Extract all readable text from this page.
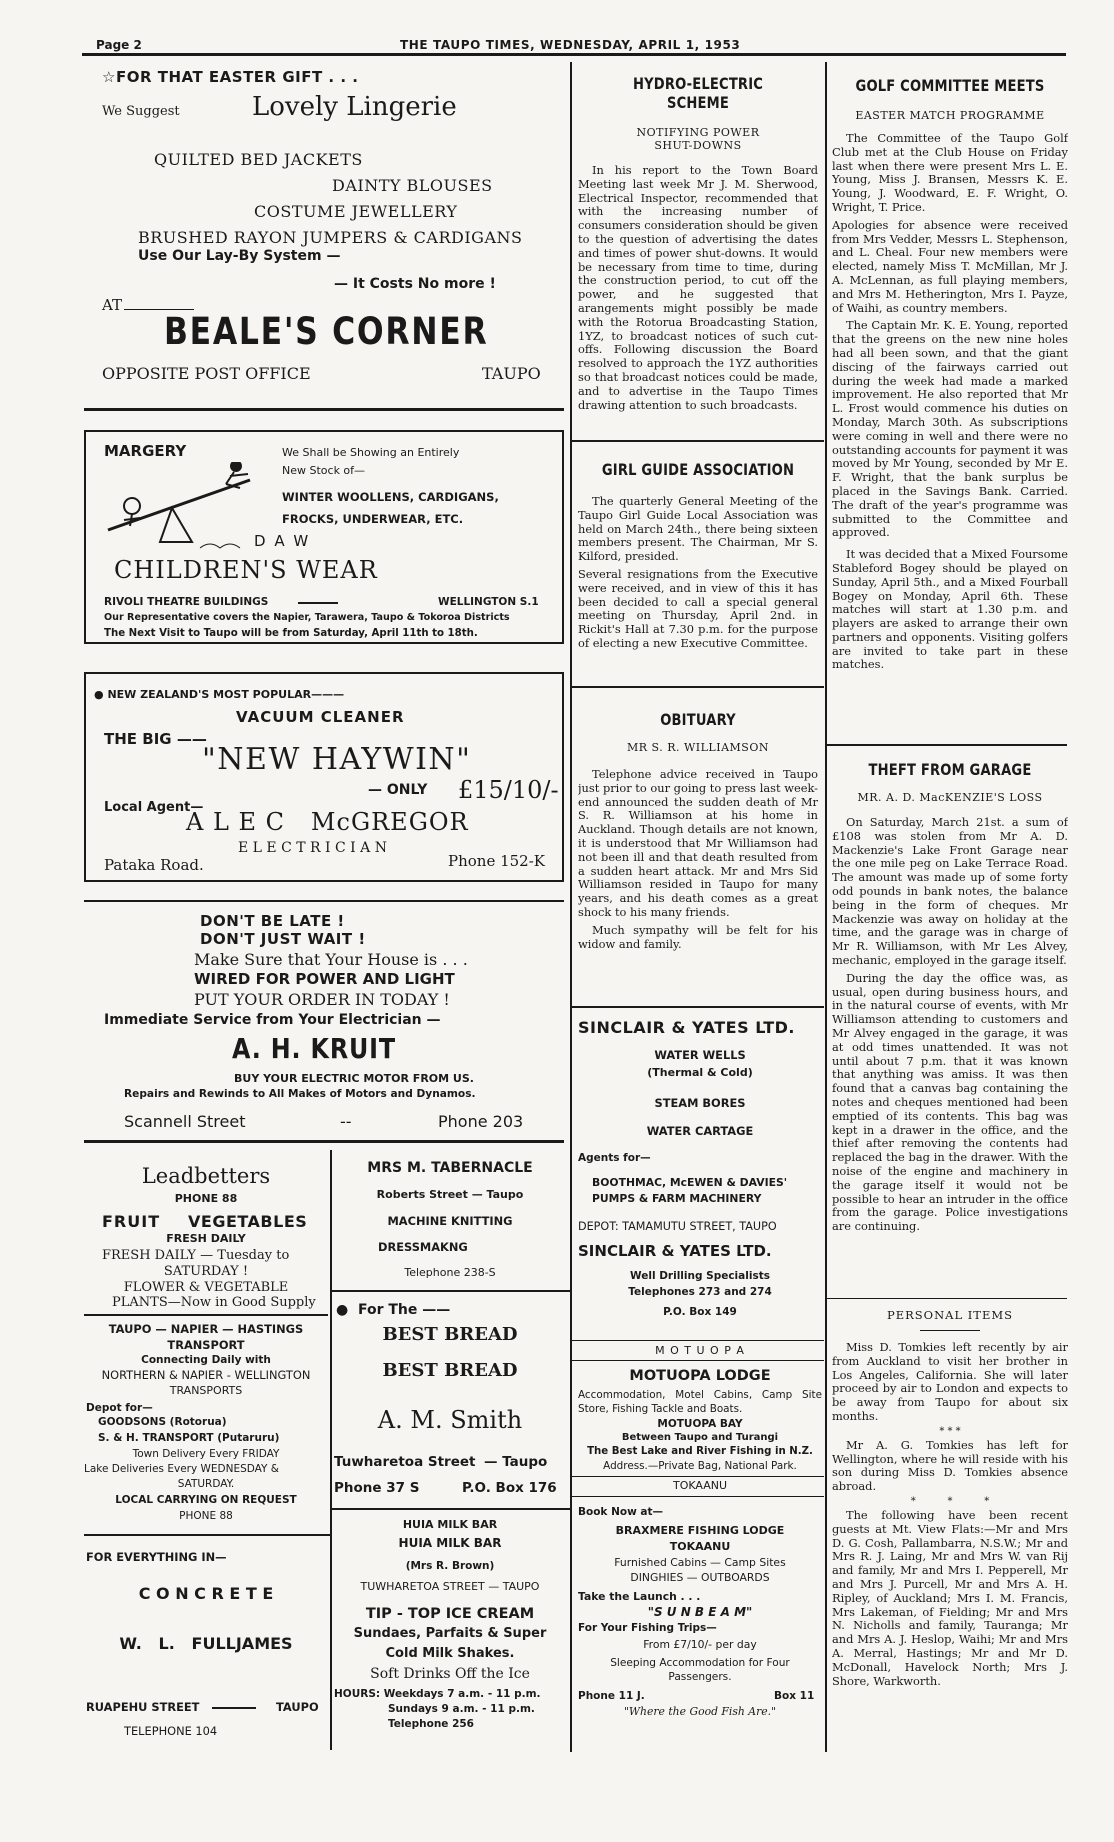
Page 2	THE TAUPO TIMES, WEDNESDAY, APRIL 1, 1953
☆FOR THAT EASTER GIFT . . .
We Suggest	Lovely Lingerie
QUILTED BED JACKETS
DAINTY BLOUSES
COSTUME JEWELLERY
BRUSHED RAYON JUMPERS & CARDIGANS
Use Our Lay-By System —
— It Costs No more !
AT
BEALE'S CORNER
OPPOSITE POST OFFICE	TAUPO
MARGERY	We Shall be Showing an Entirely
New Stock of—
WINTER WOOLLENS, CARDIGANS,
FROCKS, UNDERWEAR, ETC.
D A W
CHILDREN'S WEAR
RIVOLI THEATRE BUILDINGS	WELLINGTON S.1
Our Representative covers the Napier, Tarawera, Taupo & Tokoroa Districts
The Next Visit to Taupo will be from Saturday, April 11th to 18th.
● NEW ZEALAND'S MOST POPULAR———
VACUUM CLEANER
THE BIG ——
"NEW HAYWIN"
— ONLY £15/10/-
Local Agent—
A L E C   McGREGOR
E L E C T R I C I A N
Pataka Road.	Phone 152-K
DON'T BE LATE !
DON'T JUST WAIT !
Make Sure that Your House is . . .
WIRED FOR POWER AND LIGHT
PUT YOUR ORDER IN TODAY !
Immediate Service from Your Electrician —
A. H. KRUIT
BUY YOUR ELECTRIC MOTOR FROM US.
Repairs and Rewinds to All Makes of Motors and Dynamos.
Scannell Street	--	Phone 203
Leadbetters
PHONE 88
FRUIT VEGETABLES
FRESH DAILY
FRESH DAILY — Tuesday to
SATURDAY !
FLOWER & VEGETABLE
PLANTS—Now in Good Supply
TAUPO — NAPIER — HASTINGS
TRANSPORT
Connecting Daily with
NORTHERN & NAPIER - WELLINGTON
TRANSPORTS
Depot for—
GOODSONS (Rotorua)
S. & H. TRANSPORT (Putaruru)
Town Delivery Every FRIDAY
Lake Deliveries Every WEDNESDAY &
SATURDAY.
LOCAL CARRYING ON REQUEST
PHONE 88
FOR EVERYTHING IN—
C O N C R E T E
W.   L.   FULLJAMES
RUAPEHU STREET	TAUPO
TELEPHONE 104
MRS M. TABERNACLE
Roberts Street — Taupo
MACHINE KNITTING
DRESSMAKNG
Telephone 238-S
● For The ——
BEST BREAD
BEST BREAD
A. M. Smith
Tuwharetoa Street — Taupo
Phone 37 S	P.O. Box 176
HUIA MILK BAR
HUIA MILK BAR
(Mrs R. Brown)
TUWHARETOA STREET — TAUPO
TIP - TOP ICE CREAM
Sundaes, Parfaits & Super
Cold Milk Shakes.
Soft Drinks Off the Ice
HOURS: Weekdays 7 a.m. - 11 p.m.
Sundays 9 a.m. - 11 p.m.
Telephone 256
HYDRO-ELECTRIC SCHEME
NOTIFYING POWER
SHUT-DOWNS
In his report to the Town Board Meeting last week Mr J. M. Sherwood, Electrical Inspector, recommended that with the increasing number of consumers consideration should be given to the question of advertising the dates and times of power shut-downs. It would be necessary from time to time, during the construction period, to cut off the power, and he suggested that arangements might possibly be made with the Rotorua Broadcasting Station, 1YZ, to broadcast notices of such cut-offs. Following discussion the Board resolved to approach the 1YZ authorities so that broadcast notices could be made, and to advertise in the Taupo Times drawing attention to such broadcasts.
GIRL GUIDE ASSOCIATION
The quarterly General Meeting of the Taupo Girl Guide Local Association was held on March 24th., there being sixteen members present. The Chairman, Mr S. Kilford, presided.
Several resignations from the Executive were received, and in view of this it has been decided to call a special general meeting on Thursday, April 2nd. in Rickit's Hall at 7.30 p.m. for the purpose of electing a new Executive Committee.
OBITUARY
MR S. R. WILLIAMSON
Telephone advice received in Taupo just prior to our going to press last week-end announced the sudden death of Mr S. R. Williamson at his home in Auckland. Though details are not known, it is understood that Mr Williamson had not been ill and that death resulted from a sudden heart attack. Mr and Mrs Sid Williamson resided in Taupo for many years, and his death comes as a great shock to his many friends.
Much sympathy will be felt for his widow and family.
SINCLAIR & YATES LTD.
WATER WELLS
(Thermal & Cold)
STEAM BORES
WATER CARTAGE
Agents for—
BOOTHMAC, McEWEN & DAVIES'
PUMPS & FARM MACHINERY
DEPOT: TAMAMUTU STREET, TAUPO
SINCLAIR & YATES LTD.
Well Drilling Specialists
Telephones 273 and 274
P.O. Box 149
M O T U O P A
MOTUOPA LODGE
Accommodation, Motel Cabins, Camp Site Store, Fishing Tackle and Boats.
MOTUOPA BAY
Between Taupo and Turangi
The Best Lake and River Fishing in N.Z.
Address.—Private Bag, National Park.
TOKAANU
Book Now at—
BRAXMERE FISHING LODGE
TOKAANU
Furnished Cabins — Camp Sites
DINGHIES — OUTBOARDS
Take the Launch . . .
"S U N B E A M"
For Your Fishing Trips—
From £7/10/- per day
Sleeping Accommodation for Four Passengers.
Phone 11 J.	Box 11
"Where the Good Fish Are."
GOLF COMMITTEE MEETS
EASTER MATCH PROGRAMME
The Committee of the Taupo Golf Club met at the Club House on Friday last when there were present Mrs L. E. Young, Miss J. Bransen, Messrs K. E. Young, J. Woodward, E. F. Wright, O. Wright, T. Price.
Apologies for absence were received from Mrs Vedder, Messrs L. Stephenson, and L. Cheal. Four new members were elected, namely Miss T. McMillan, Mr J. A. McLennan, as full playing members, and Mrs M. Hetherington, Mrs I. Payze, of Waihi, as country members.
The Captain Mr. K. E. Young, reported that the greens on the new nine holes had all been sown, and that the giant discing of the fairways carried out during the week had made a marked improvement. He also reported that Mr L. Frost would commence his duties on Monday, March 30th. As subscriptions were coming in well and there were no outstanding accounts for payment it was moved by Mr Young, seconded by Mr E. F. Wright, that the bank surplus be placed in the Savings Bank. Carried. The draft of the year's programme was submitted to the Committee and approved.
It was decided that a Mixed Foursome Stableford Bogey should be played on Sunday, April 5th., and a Mixed Fourball Bogey on Monday, April 6th. These matches will start at 1.30 p.m. and players are asked to arrange their own partners and opponents. Visiting golfers are invited to take part in these matches.
THEFT FROM GARAGE
MR. A. D. MacKENZIE'S LOSS
On Saturday, March 21st. a sum of £108 was stolen from Mr A. D. Mackenzie's Lake Front Garage near the one mile peg on Lake Terrace Road. The amount was made up of some forty odd pounds in bank notes, the balance being in the form of cheques. Mr Mackenzie was away on holiday at the time, and the garage was in charge of Mr R. Williamson, with Mr Les Alvey, mechanic, employed in the garage itself.
During the day the office was, as usual, open during business hours, and in the natural course of events, with Mr Williamson attending to customers and Mr Alvey engaged in the garage, it was at odd times unattended. It was not until about 7 p.m. that it was known that anything was amiss. It was then found that a canvas bag containing the notes and cheques mentioned had been emptied of its contents. This bag was kept in a drawer in the office, and the thief after removing the contents had replaced the bag in the drawer. With the noise of the engine and machinery in the garage itself it would not be possible to hear an intruder in the office from the garage. Police investigations are continuing.
PERSONAL ITEMS
Miss D. Tomkies left recently by air from Auckland to visit her brother in Los Angeles, California. She will later proceed by air to London and expects to be away from Taupo for about six months.
* * *
Mr A. G. Tomkies has left for Wellington, where he will reside with his son during Miss D. Tomkies absence abroad.
*          *          *
The following have been recent guests at Mt. View Flats:—Mr and Mrs D. G. Cosh, Pallambarra, N.S.W.; Mr and Mrs R. J. Laing, Mr and Mrs W. van Rij and family, Mr and Mrs I. Pepperell, Mr and Mrs J. Purcell, Mr and Mrs A. H. Ripley, of Auckland; Mrs I. M. Francis, Mrs Lakeman, of Fielding; Mr and Mrs N. Nicholls and family, Tauranga; Mr and Mrs A. J. Heslop, Waihi; Mr and Mrs A. Merral, Hastings; Mr and Mr D. McDonall, Havelock North; Mrs J. Shore, Warkworth.
